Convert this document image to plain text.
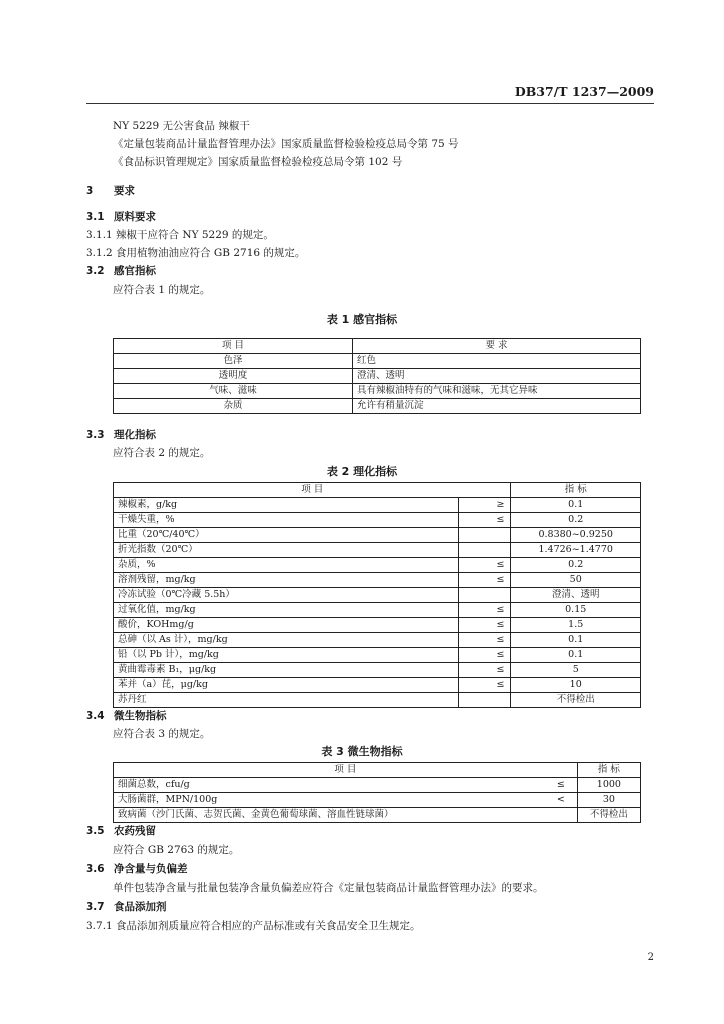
DB37/T 1237—2009
NY 5229 无公害食品 辣椒干
《定量包装商品计量监督管理办法》国家质量监督检验检疫总局令第 75 号
《食品标识管理规定》国家质量监督检验检疫总局令第 102 号
3 要求
3.1 原料要求
3.1.1 辣椒干应符合 NY 5229 的规定。
3.1.2 食用植物油油应符合 GB 2716 的规定。
3.2 感官指标
应符合表 1 的规定。
表 1 感官指标
项 目	要 求
色泽	红色
透明度	澄清、透明
气味、滋味	具有辣椒油特有的气味和滋味，无其它异味
杂质	允许有稍量沉淀
3.3 理化指标
应符合表 2 的规定。
表 2 理化指标
项 目		指 标
辣椒素，g/kg	≥	0.1
干燥失重，%	≤	0.2
比重（20℃/40℃）		0.8380~0.9250
折光指数（20℃）		1.4726~1.4770
杂质，%	≤	0.2
溶剂残留，mg/kg	≤	50
冷冻试验（0℃冷藏 5.5h）		澄清、透明
过氧化值，mg/kg	≤	0.15
酸价，KOHmg/g	≤	1.5
总砷（以 As 计），mg/kg	≤	0.1
铅（以 Pb 计），mg/kg	≤	0.1
黄曲霉毒素 B₁，μg/kg	≤	5
苯并（a）芘，μg/kg	≤	10
苏丹红		不得检出
3.4 微生物指标
应符合表 3 的规定。
表 3 微生物指标
项 目		指 标
细菌总数，cfu/g	≤	1000
大肠菌群，MPN/100g	<	30
致病菌（沙门氏菌、志贺氏菌、金黄色葡萄球菌、溶血性链球菌）		不得检出
3.5 农药残留
应符合 GB 2763 的规定。
3.6 净含量与负偏差
单件包装净含量与批量包装净含量负偏差应符合《定量包装商品计量监督管理办法》的要求。
3.7 食品添加剂
3.7.1 食品添加剂质量应符合相应的产品标准或有关食品安全卫生规定。
2
